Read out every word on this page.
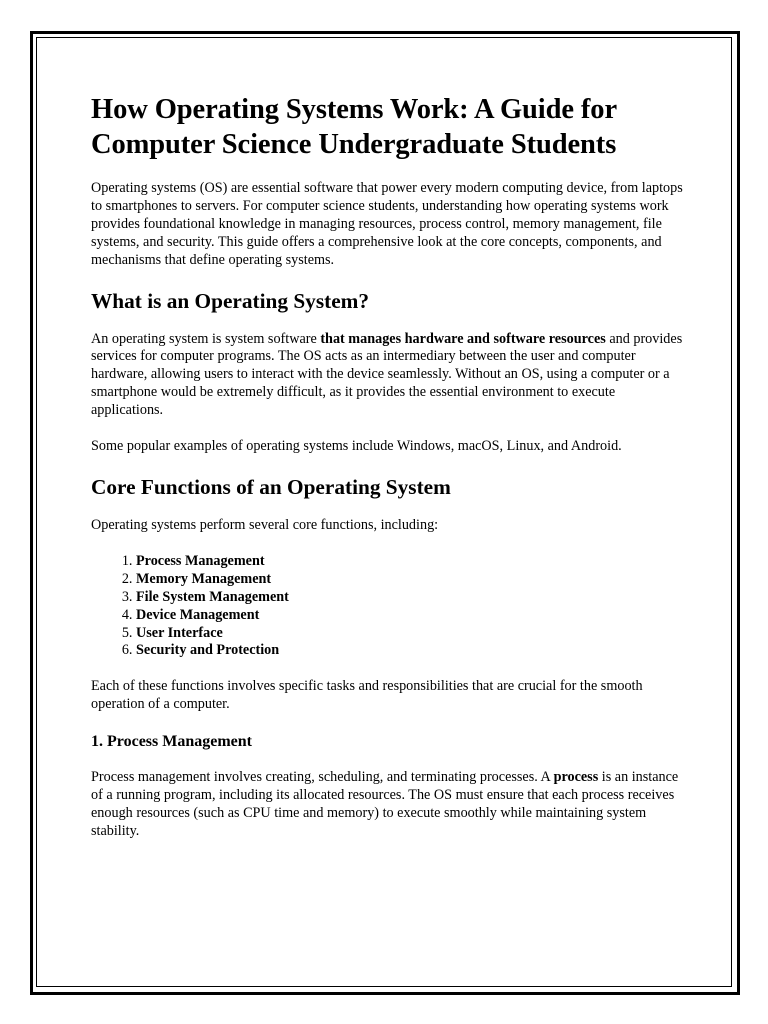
How Operating Systems Work: A Guide for Computer Science Undergraduate Students

Operating systems (OS) are essential software that power every modern computing device, from laptops to smartphones to servers. For computer science students, understanding how operating systems work provides foundational knowledge in managing resources, process control, memory management, file systems, and security. This guide offers a comprehensive look at the core concepts, components, and mechanisms that define operating systems.

What is an Operating System?

An operating system is system software that manages hardware and software resources and provides services for computer programs. The OS acts as an intermediary between the user and computer hardware, allowing users to interact with the device seamlessly. Without an OS, using a computer or a smartphone would be extremely difficult, as it provides the essential environment to execute applications.

Some popular examples of operating systems include Windows, macOS, Linux, and Android.

Core Functions of an Operating System

Operating systems perform several core functions, including:

1. Process Management
2. Memory Management
3. File System Management
4. Device Management
5. User Interface
6. Security and Protection

Each of these functions involves specific tasks and responsibilities that are crucial for the smooth operation of a computer.

1. Process Management

Process management involves creating, scheduling, and terminating processes. A process is an instance of a running program, including its allocated resources. The OS must ensure that each process receives enough resources (such as CPU time and memory) to execute smoothly while maintaining system stability.
